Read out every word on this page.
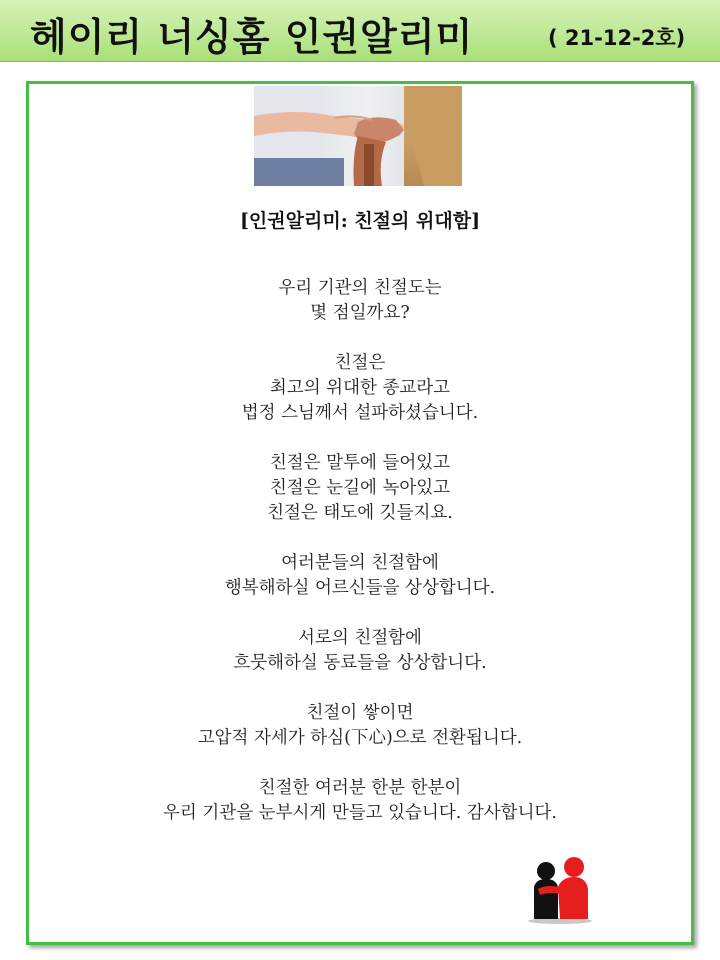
헤이리 너싱홈 인권알리미	( 21-12-2호)
[인권알리미: 친절의 위대함]
우리 기관의 친절도는
몇 점일까요?
친절은
최고의 위대한 종교라고
법정 스님께서 설파하셨습니다.
친절은 말투에 들어있고
친절은 눈길에 녹아있고
친절은 태도에 깃들지요.
여러분들의 친절함에
행복해하실 어르신들을 상상합니다.
서로의 친절함에
흐뭇해하실 동료들을 상상합니다.
친절이 쌓이면
고압적 자세가 하심(下心)으로 전환됩니다.
친절한 여러분 한분 한분이
우리 기관을 눈부시게 만들고 있습니다. 감사합니다.
